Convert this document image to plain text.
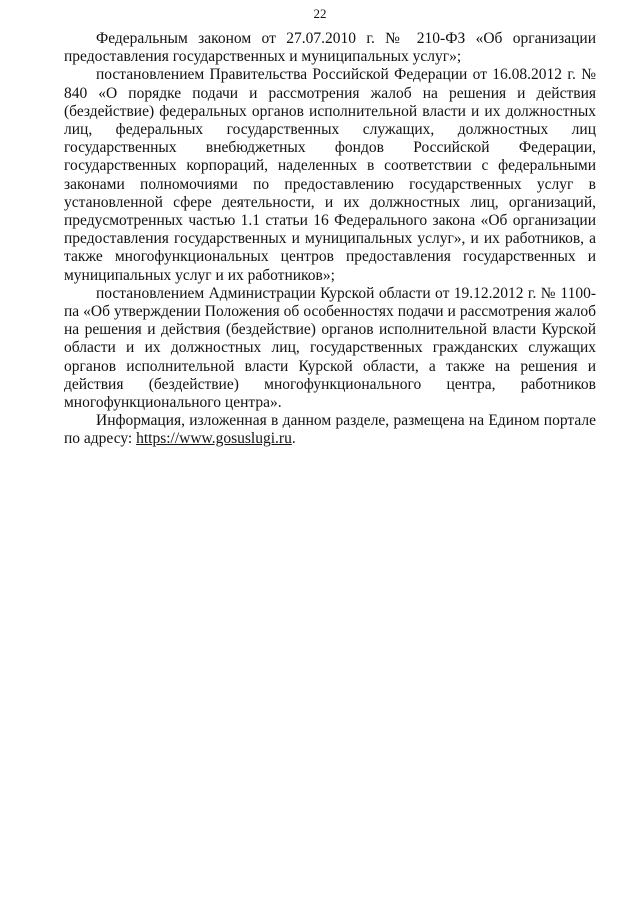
22

Федеральным законом от 27.07.2010 г. № 210-ФЗ «Об организации предоставления государственных и муниципальных услуг»;

постановлением Правительства Российской Федерации от 16.08.2012 г. № 840 «О порядке подачи и рассмотрения жалоб на решения и действия (бездействие) федеральных органов исполнительной власти и их должностных лиц, федеральных государственных служащих, должностных лиц государственных внебюджетных фондов Российской Федерации, государственных корпораций, наделенных в соответствии с федеральными законами полномочиями по предоставлению государственных услуг в установленной сфере деятельности, и их должностных лиц, организаций, предусмотренных частью 1.1 статьи 16 Федерального закона «Об организации предоставления государственных и муниципальных услуг», и их работников, а также многофункциональных центров предоставления государственных и муниципальных услуг и их работников»;

постановлением Администрации Курской области от 19.12.2012 г. № 1100-па «Об утверждении Положения об особенностях подачи и рассмотрения жалоб на решения и действия (бездействие) органов исполнительной власти Курской области и их должностных лиц, государственных гражданских служащих органов исполнительной власти Курской области, а также на решения и действия (бездействие) многофункционального центра, работников многофункционального центра».

Информация, изложенная в данном разделе, размещена на Едином портале по адресу: https://www.gosuslugi.ru.
